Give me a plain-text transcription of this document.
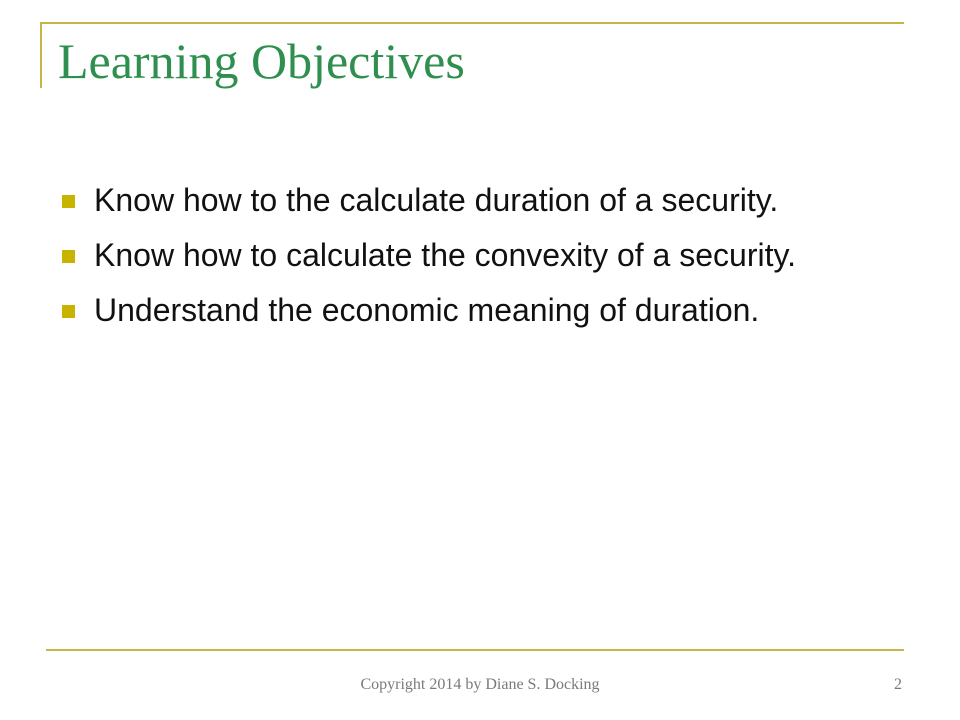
Learning Objectives
Know how to the calculate duration of a security.
Know how to calculate the convexity of a security.
Understand the economic meaning of duration.
Copyright 2014 by Diane S. Docking	2
